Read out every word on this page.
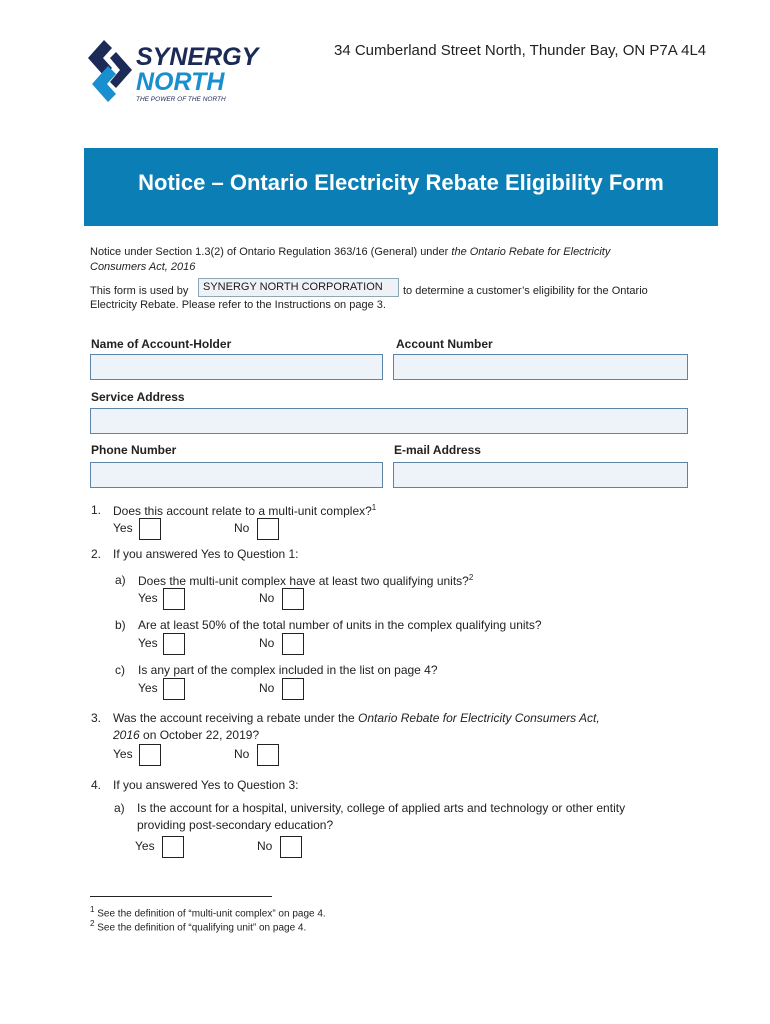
SYNERGY
NORTH
THE POWER OF THE NORTH
34 Cumberland Street North, Thunder Bay, ON P7A 4L4
Notice – Ontario Electricity Rebate Eligibility Form
Notice under Section 1.3(2) of Ontario Regulation 363/16 (General) under the Ontario Rebate for Electricity
Consumers Act, 2016
This form is used by	SYNERGY NORTH CORPORATION	to determine a customer’s eligibility for the Ontario
Electricity Rebate. Please refer to the Instructions on page 3.
Name of Account-Holder	Account Number
Service Address
Phone Number	E-mail Address
1. Does this account relate to a multi-unit complex?$^1$
Yes	No
2. If you answered Yes to Question 1:
a) Does the multi-unit complex have at least two qualifying units?$^2$
Yes	No
b) Are at least 50% of the total number of units in the complex qualifying units?
Yes	No
c) Is any part of the complex included in the list on page 4?
Yes	No
3. Was the account receiving a rebate under the Ontario Rebate for Electricity Consumers Act,
2016 on October 22, 2019?
Yes	No
4. If you answered Yes to Question 3:
a) Is the account for a hospital, university, college of applied arts and technology or other entity
providing post-secondary education?
Yes	No
$^1$ See the definition of “multi-unit complex” on page 4.
$^2$ See the definition of “qualifying unit” on page 4.
